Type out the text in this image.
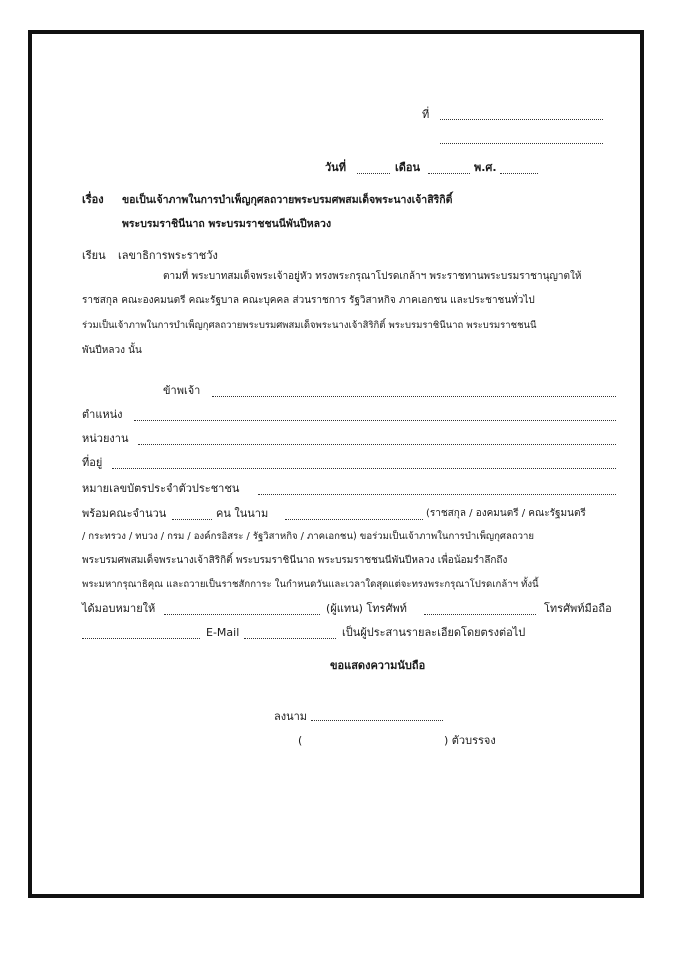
ที่
วันที่	เดือน	พ.ศ.
เรื่อง ขอเป็นเจ้าภาพในการบำเพ็ญกุศลถวายพระบรมศพสมเด็จพระนางเจ้าสิริกิติ์
พระบรมราชินีนาถ พระบรมราชชนนีพันปีหลวง
เรียน เลขาธิการพระราชวัง
ตามที่ พระบาทสมเด็จพระเจ้าอยู่หัว ทรงพระกรุณาโปรดเกล้าฯ พระราชทานพระบรมราชานุญาตให้
ราชสกุล คณะองคมนตรี คณะรัฐบาล คณะบุคคล ส่วนราชการ รัฐวิสาหกิจ ภาคเอกชน และประชาชนทั่วไป
ร่วมเป็นเจ้าภาพในการบำเพ็ญกุศลถวายพระบรมศพสมเด็จพระนางเจ้าสิริกิติ์ พระบรมราชินีนาถ พระบรมราชชนนี
พันปีหลวง นั้น
ข้าพเจ้า
ตำแหน่ง
หน่วยงาน
ที่อยู่
หมายเลขบัตรประจำตัวประชาชน
พร้อมคณะจำนวน	คน ในนาม	(ราชสกุล / องคมนตรี / คณะรัฐมนตรี
/ กระทรวง / ทบวง / กรม / องค์กรอิสระ / รัฐวิสาหกิจ / ภาคเอกชน) ขอร่วมเป็นเจ้าภาพในการบำเพ็ญกุศลถวาย
พระบรมศพสมเด็จพระนางเจ้าสิริกิติ์ พระบรมราชินีนาถ พระบรมราชชนนีพันปีหลวง เพื่อน้อมรำลึกถึง
พระมหากรุณาธิคุณ และถวายเป็นราชสักการะ ในกำหนดวันและเวลาใดสุดแต่จะทรงพระกรุณาโปรดเกล้าฯ ทั้งนี้
ได้มอบหมายให้	(ผู้แทน) โทรศัพท์	โทรศัพท์มือถือ
E-Mail	เป็นผู้ประสานรายละเอียดโดยตรงต่อไป
ขอแสดงความนับถือ
ลงนาม
(	) ตัวบรรจง
